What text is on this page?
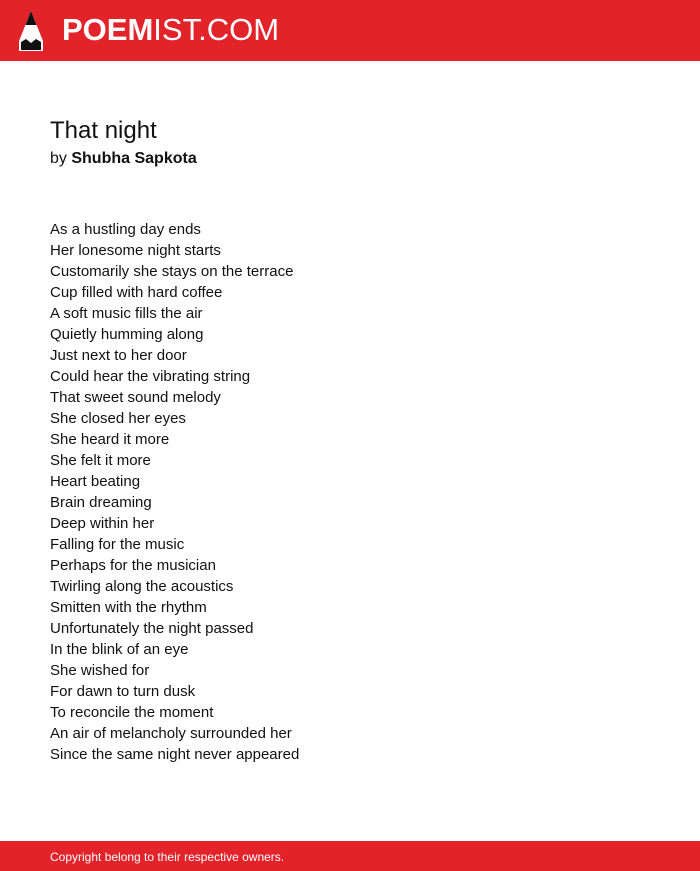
POEMIST.COM
That night
by Shubha Sapkota
As a hustling day ends
Her lonesome night starts
Customarily she stays on the terrace
Cup filled with hard coffee
A soft music fills the air
Quietly humming along
Just next to her door
Could hear the vibrating string
That sweet sound melody
She closed her eyes
She heard it more
She felt it more
Heart beating
Brain dreaming
Deep within her
Falling for the music
Perhaps for the musician
Twirling along the acoustics
Smitten with the rhythm
Unfortunately the night passed
In the blink of an eye
She wished for
For dawn to turn dusk
To reconcile the moment
An air of melancholy surrounded her
Since the same night never appeared
Copyright belong to their respective owners.
